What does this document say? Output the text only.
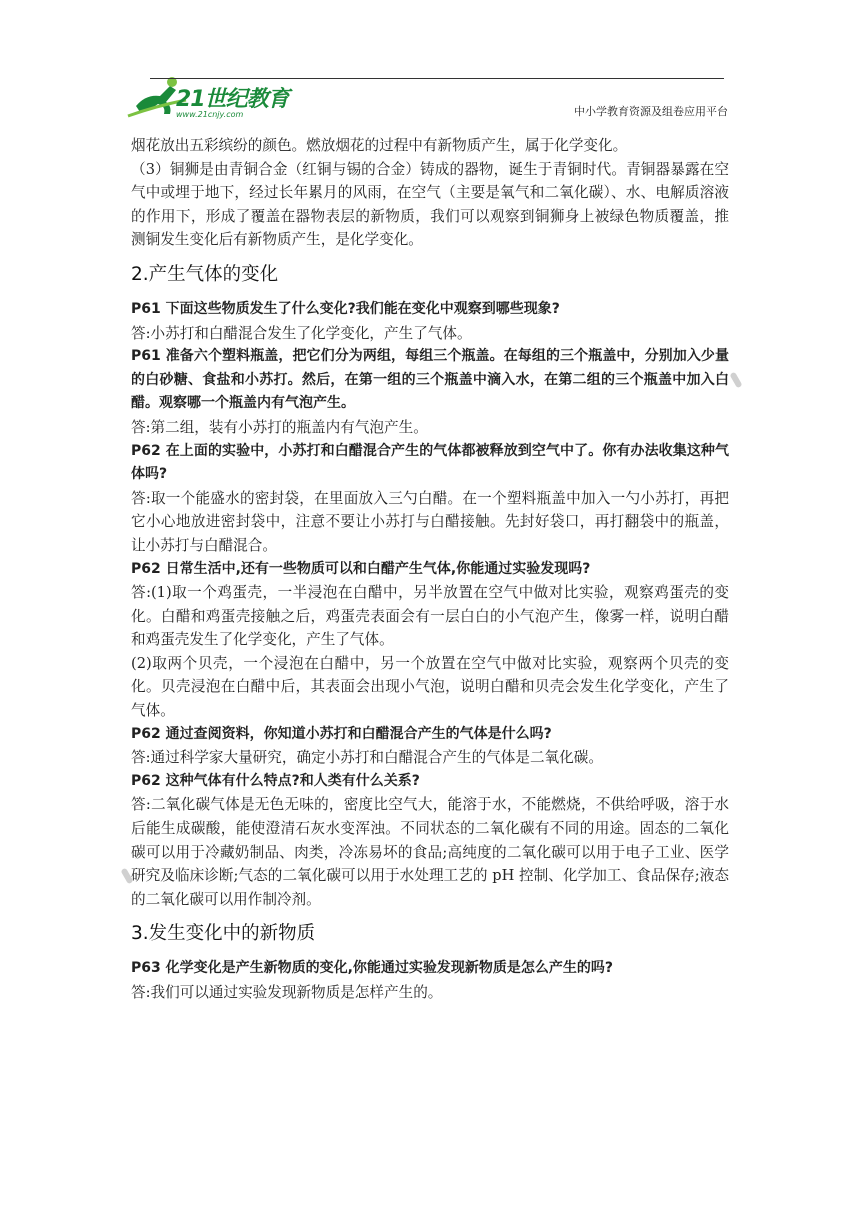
21世纪教育
www.21cnjy.com	中小学教育资源及组卷应用平台

烟花放出五彩缤纷的颜色。燃放烟花的过程中有新物质产生，属于化学变化。

（3）铜狮是由青铜合金（红铜与锡的合金）铸成的器物，诞生于青铜时代。青铜器暴露在空气中或埋于地下，经过长年累月的风雨，在空气（主要是氧气和二氧化碳）、水、电解质溶液的作用下，形成了覆盖在器物表层的新物质，我们可以观察到铜狮身上被绿色物质覆盖，推测铜发生变化后有新物质产生，是化学变化。

2.产生气体的变化

P61 下面这些物质发生了什么变化?我们能在变化中观察到哪些现象?

答:小苏打和白醋混合发生了化学变化，产生了气体。

P61 准备六个塑料瓶盖，把它们分为两组，每组三个瓶盖。在每组的三个瓶盖中，分别加入少量的白砂糖、食盐和小苏打。然后，在第一组的三个瓶盖中滴入水，在第二组的三个瓶盖中加入白醋。观察哪一个瓶盖内有气泡产生。

答:第二组，装有小苏打的瓶盖内有气泡产生。

P62 在上面的实验中，小苏打和白醋混合产生的气体都被释放到空气中了。你有办法收集这种气体吗?

答:取一个能盛水的密封袋，在里面放入三勺白醋。在一个塑料瓶盖中加入一勺小苏打，再把它小心地放进密封袋中，注意不要让小苏打与白醋接触。先封好袋口，再打翻袋中的瓶盖，让小苏打与白醋混合。

P62 日常生活中,还有一些物质可以和白醋产生气体,你能通过实验发现吗?

答:(1)取一个鸡蛋壳，一半浸泡在白醋中，另半放置在空气中做对比实验，观察鸡蛋壳的变化。白醋和鸡蛋壳接触之后，鸡蛋壳表面会有一层白白的小气泡产生，像雾一样，说明白醋和鸡蛋壳发生了化学变化，产生了气体。

(2)取两个贝壳，一个浸泡在白醋中，另一个放置在空气中做对比实验，观察两个贝壳的变化。贝壳浸泡在白醋中后，其表面会出现小气泡，说明白醋和贝壳会发生化学变化，产生了气体。

P62 通过查阅资料，你知道小苏打和白醋混合产生的气体是什么吗?

答:通过科学家大量研究，确定小苏打和白醋混合产生的气体是二氧化碳。

P62 这种气体有什么特点?和人类有什么关系?

答:二氧化碳气体是无色无味的，密度比空气大，能溶于水，不能燃烧，不供给呼吸，溶于水后能生成碳酸，能使澄清石灰水变浑浊。不同状态的二氧化碳有不同的用途。固态的二氧化碳可以用于冷藏奶制品、肉类，冷冻易坏的食品;高纯度的二氧化碳可以用于电子工业、医学研究及临床诊断;气态的二氧化碳可以用于水处理工艺的 pH 控制、化学加工、食品保存;液态的二氧化碳可以用作制冷剂。

3.发生变化中的新物质

P63 化学变化是产生新物质的变化,你能通过实验发现新物质是怎么产生的吗?

答:我们可以通过实验发现新物质是怎样产生的。
